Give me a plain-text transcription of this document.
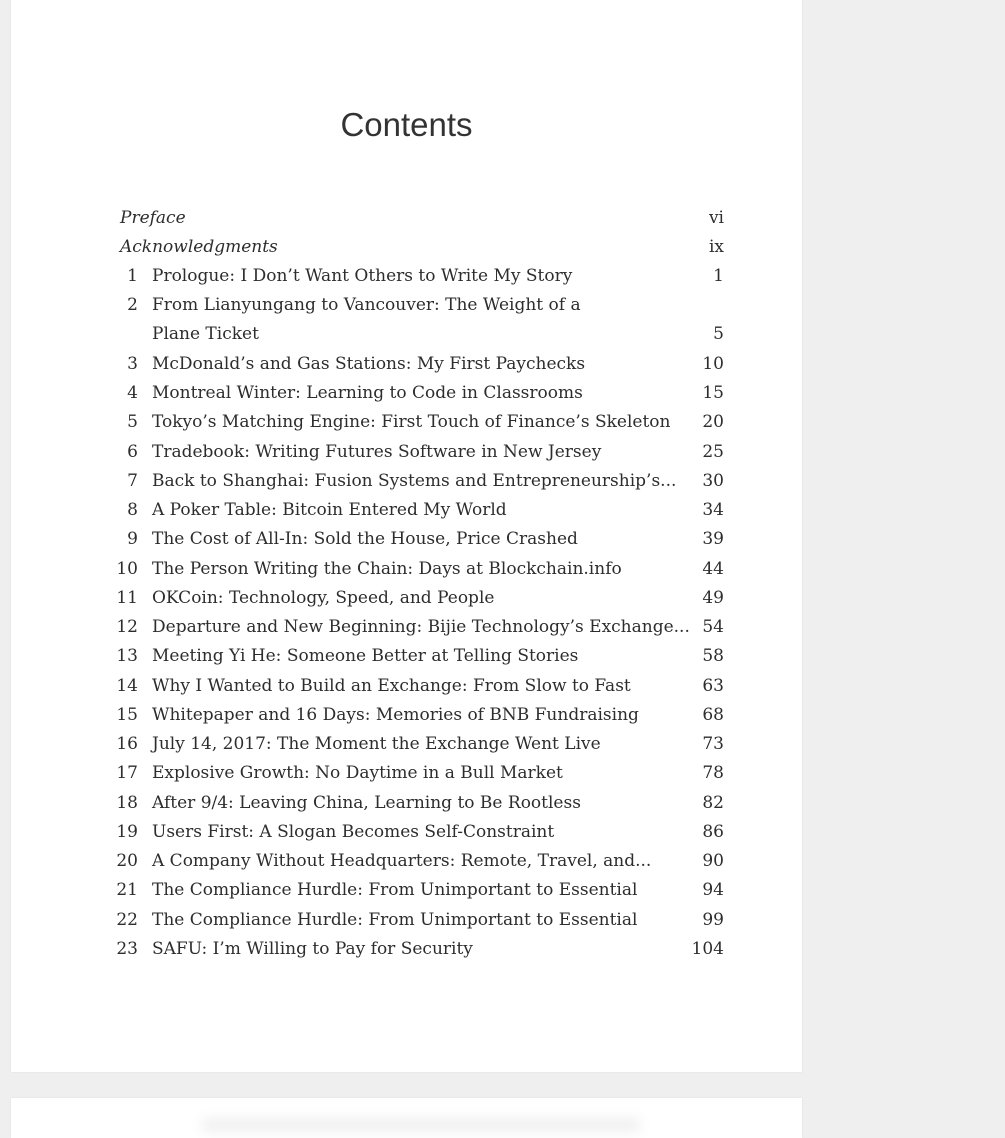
Contents
Preface	vi
Acknowledgments	ix
1 Prologue: I Don’t Want Others to Write My Story	1
2 From Lianyungang to Vancouver: The Weight of a
Plane Ticket	5
3 McDonald’s and Gas Stations: My First Paychecks	10
4 Montreal Winter: Learning to Code in Classrooms	15
5 Tokyo’s Matching Engine: First Touch of Finance’s Skeleton 20
6 Tradebook: Writing Futures Software in New Jersey	25
7 Back to Shanghai: Fusion Systems and Entrepreneurship’s... 30
8 A Poker Table: Bitcoin Entered My World	34
9 The Cost of All-In: Sold the House, Price Crashed	39
10 The Person Writing the Chain: Days at Blockchain.info	44
11 OKCoin: Technology, Speed, and People	49
12 Departure and New Beginning: Bijie Technology’s Exchange... 54
13 Meeting Yi He: Someone Better at Telling Stories	58
14 Why I Wanted to Build an Exchange: From Slow to Fast	63
15 Whitepaper and 16 Days: Memories of BNB Fundraising	68
16 July 14, 2017: The Moment the Exchange Went Live	73
17 Explosive Growth: No Daytime in a Bull Market	78
18 After 9/4: Leaving China, Learning to Be Rootless	82
19 Users First: A Slogan Becomes Self-Constraint	86
20 A Company Without Headquarters: Remote, Travel, and...	90
21 The Compliance Hurdle: From Unimportant to Essential	94
22 The Compliance Hurdle: From Unimportant to Essential	99
23 SAFU: I’m Willing to Pay for Security	104
